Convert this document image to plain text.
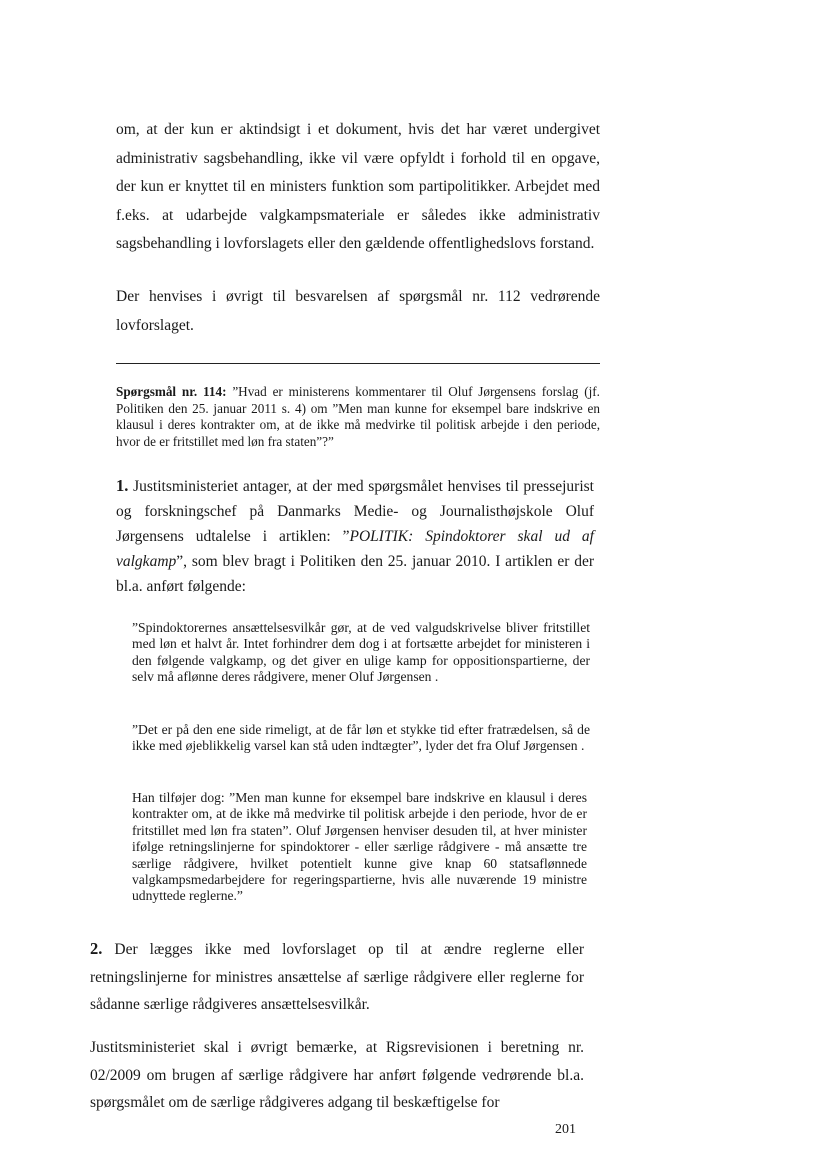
om, at der kun er aktindsigt i et dokument, hvis det har været undergivet administrativ sagsbehandling, ikke vil være opfyldt i forhold til en opgave, der kun er knyttet til en ministers funktion som partipolitikker. Arbejdet med f.eks. at udarbejde valgkampsmateriale er således ikke administrativ sagsbehandling i lovforslagets eller den gældende offentlighedslovs forstand.

Der henvises i øvrigt til besvarelsen af spørgsmål nr. 112 vedrørende lovforslaget.

Spørgsmål nr. 114: ”Hvad er ministerens kommentarer til Oluf Jørgensens forslag (jf. Politiken den 25. januar 2011 s. 4) om ”Men man kunne for eksempel bare indskrive en klausul i deres kontrakter om, at de ikke må medvirke til politisk arbejde i den periode, hvor de er fritstillet med løn fra staten”?”

1. Justitsministeriet antager, at der med spørgsmålet henvises til pressejurist og forskningschef på Danmarks Medie- og Journalisthøjskole Oluf Jørgensens udtalelse i artiklen: ”POLITIK: Spindoktorer skal ud af valgkamp”, som blev bragt i Politiken den 25. januar 2010. I artiklen er der bl.a. anført følgende:

”Spindoktorernes ansættelsesvilkår gør, at de ved valgudskrivelse bliver fritstillet med løn et halvt år. Intet forhindrer dem dog i at fortsætte arbejdet for ministeren i den følgende valgkamp, og det giver en ulige kamp for oppositionspartierne, der selv må aflønne deres rådgivere, mener Oluf Jørgensen .

”Det er på den ene side rimeligt, at de får løn et stykke tid efter fratrædelsen, så de ikke med øjeblikkelig varsel kan stå uden indtægter”, lyder det fra Oluf Jørgensen .

Han tilføjer dog: ”Men man kunne for eksempel bare indskrive en klausul i deres kontrakter om, at de ikke må medvirke til politisk arbejde i den periode, hvor de er fritstillet med løn fra staten”. Oluf Jørgensen henviser desuden til, at hver minister ifølge retningslinjerne for spindoktorer - eller særlige rådgivere - må ansætte tre særlige rådgivere, hvilket potentielt kunne give knap 60 statsaflønnede valgkampsmedarbejdere for regeringspartierne, hvis alle nuværende 19 ministre udnyttede reglerne.”

2. Der lægges ikke med lovforslaget op til at ændre reglerne eller retningslinjerne for ministres ansættelse af særlige rådgivere eller reglerne for sådanne særlige rådgiveres ansættelsesvilkår.

Justitsministeriet skal i øvrigt bemærke, at Rigsrevisionen i beretning nr. 02/2009 om brugen af særlige rådgivere har anført følgende vedrørende bl.a. spørgsmålet om de særlige rådgiveres adgang til beskæftigelse for

201
